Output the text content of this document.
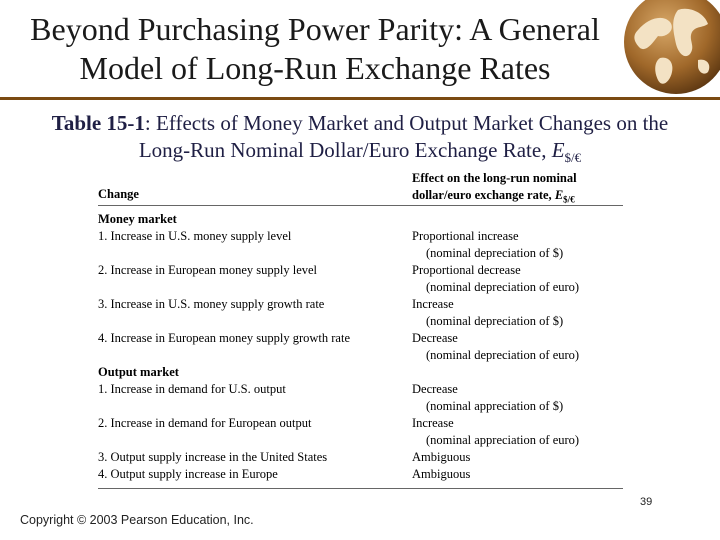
Beyond Purchasing Power Parity: A General
Model of Long-Run Exchange Rates
Table 15-1: Effects of Money Market and Output Market Changes on the
Long-Run Nominal Dollar/Euro Exchange Rate, $E_{\$/€}$
Change
Effect on the long-run nominal
dollar/euro exchange rate, $E_{\$/€}$
Money market
1. Increase in U.S. money supply level	Proportional increase
(nominal depreciation of $)
2. Increase in European money supply level	Proportional decrease
(nominal depreciation of euro)
3. Increase in U.S. money supply growth rate	Increase
(nominal depreciation of $)
4. Increase in European money supply growth rate	Decrease
(nominal depreciation of euro)
Output market
1. Increase in demand for U.S. output	Decrease
(nominal appreciation of $)
2. Increase in demand for European output	Increase
(nominal appreciation of euro)
3. Output supply increase in the United States	Ambiguous
4. Output supply increase in Europe	Ambiguous
39
Copyright © 2003 Pearson Education, Inc.
